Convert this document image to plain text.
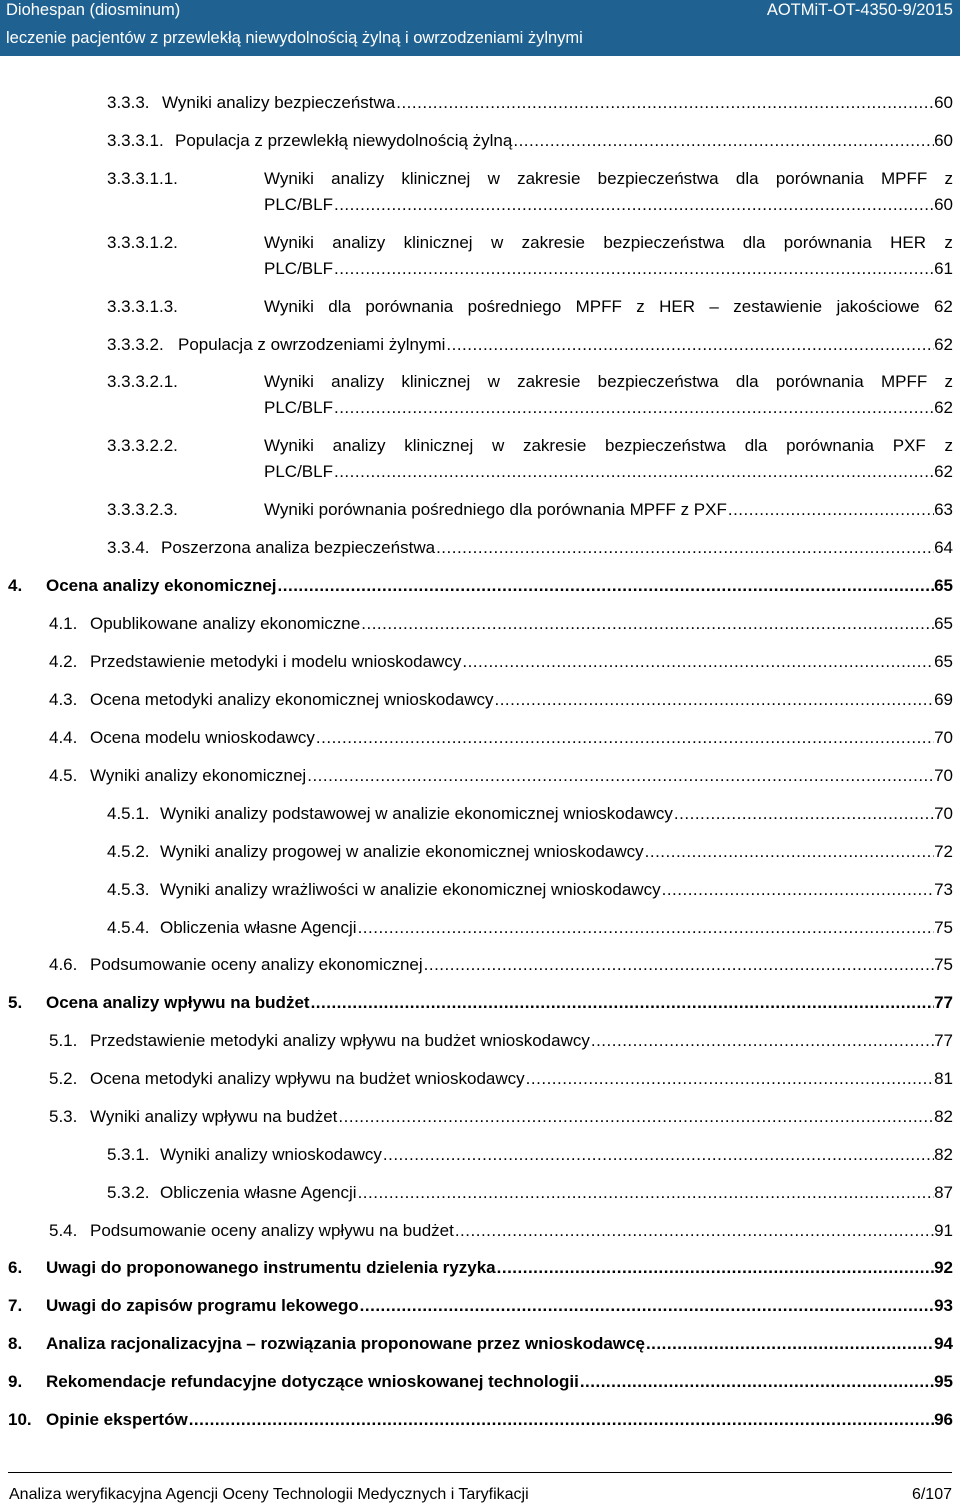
Diohespan (diosminum)	AOTMiT-OT-4350-9/2015
leczenie pacjentów z przewlekłą niewydolnością żylną i owrzodzeniami żylnymi
3.3.3. Wyniki analizy bezpieczeństwa .....	60
3.3.3.1. Populacja z przewlekłą niewydolnością żylną .....	60
3.3.3.1.1.	Wyniki analizy klinicznej w zakresie bezpieczeństwa dla porównania MPFF z
PLC/BLF .....	60
3.3.3.1.2.	Wyniki analizy klinicznej w zakresie bezpieczeństwa dla porównania HER z
PLC/BLF .....	61
3.3.3.1.3.	Wyniki dla porównania pośredniego MPFF z HER – zestawienie jakościowe 62
3.3.3.2. Populacja z owrzodzeniami żylnymi .....	62
3.3.3.2.1.	Wyniki analizy klinicznej w zakresie bezpieczeństwa dla porównania MPFF z
PLC/BLF .....	62
3.3.3.2.2.	Wyniki analizy klinicznej w zakresie bezpieczeństwa dla porównania PXF z
PLC/BLF .....	62
3.3.3.2.3.	Wyniki porównania pośredniego dla porównania MPFF z PXF .....	63
3.3.4. Poszerzona analiza bezpieczeństwa .....	64
4.	Ocena analizy ekonomicznej .....	65
4.1. Opublikowane analizy ekonomiczne .....	65
4.2. Przedstawienie metodyki i modelu wnioskodawcy .....	65
4.3. Ocena metodyki analizy ekonomicznej wnioskodawcy .....	69
4.4. Ocena modelu wnioskodawcy .....	70
4.5. Wyniki analizy ekonomicznej .....	70
4.5.1. Wyniki analizy podstawowej w analizie ekonomicznej wnioskodawcy .....	70
4.5.2. Wyniki analizy progowej w analizie ekonomicznej wnioskodawcy .....	72
4.5.3. Wyniki analizy wrażliwości w analizie ekonomicznej wnioskodawcy .....	73
4.5.4. Obliczenia własne Agencji .....	75
4.6. Podsumowanie oceny analizy ekonomicznej .....	75
5.	Ocena analizy wpływu na budżet .....	77
5.1. Przedstawienie metodyki analizy wpływu na budżet wnioskodawcy .....	77
5.2. Ocena metodyki analizy wpływu na budżet wnioskodawcy .....	81
5.3. Wyniki analizy wpływu na budżet .....	82
5.3.1. Wyniki analizy wnioskodawcy .....	82
5.3.2. Obliczenia własne Agencji .....	87
5.4. Podsumowanie oceny analizy wpływu na budżet .....	91
6.	Uwagi do proponowanego instrumentu dzielenia ryzyka .....	92
7.	Uwagi do zapisów programu lekowego .....	93
8.	Analiza racjonalizacyjna – rozwiązania proponowane przez wnioskodawcę .....	94
9.	Rekomendacje refundacyjne dotyczące wnioskowanej technologii .....	95
10. Opinie ekspertów .....	96
Analiza weryfikacyjna Agencji Oceny Technologii Medycznych i Taryfikacji	6/107
